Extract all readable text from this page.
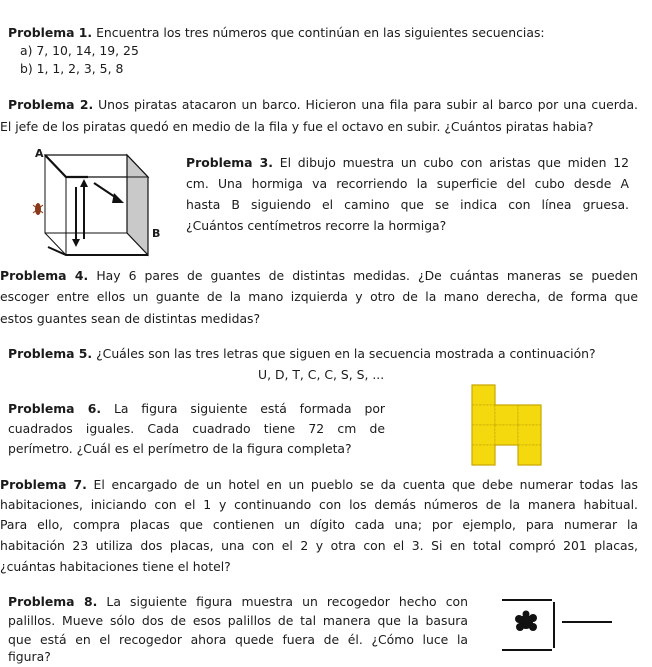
Problema 1. Encuentra los tres números que continúan en las siguientes secuencias:
a) 7, 10, 14, 19, 25
b) 1, 1, 2, 3, 5, 8
Problema 2. Unos piratas atacaron un barco. Hicieron una fila para subir al barco por una cuerda.
El jefe de los piratas quedó en medio de la fila y fue el octavo en subir. ¿Cuántos piratas habia?
A
B
Problema 3. El dibujo muestra un cubo con aristas que miden 12
cm. Una hormiga va recorriendo la superficie del cubo desde A
hasta B siguiendo el camino que se indica con línea gruesa.
¿Cuántos centímetros recorre la hormiga?
Problema 4. Hay 6 pares de guantes de distintas medidas. ¿De cuántas maneras se pueden
escoger entre ellos un guante de la mano izquierda y otro de la mano derecha, de forma que
estos guantes sean de distintas medidas?
Problema 5. ¿Cuáles son las tres letras que siguen en la secuencia mostrada a continuación?
U, D, T, C, C, S, S, ...
Problema 6. La figura siguiente está formada por
cuadrados iguales. Cada cuadrado tiene 72 cm de
perímetro. ¿Cuál es el perímetro de la figura completa?
Problema 7. El encargado de un hotel en un pueblo se da cuenta que debe numerar todas las
habitaciones, iniciando con el 1 y continuando con los demás números de la manera habitual.
Para ello, compra placas que contienen un dígito cada una; por ejemplo, para numerar la
habitación 23 utiliza dos placas, una con el 2 y otra con el 3. Si en total compró 201 placas,
¿cuántas habitaciones tiene el hotel?
Problema 8. La siguiente figura muestra un recogedor hecho con
palillos. Mueve sólo dos de esos palillos de tal manera que la basura
que está en el recogedor ahora quede fuera de él. ¿Cómo luce la
figura?
